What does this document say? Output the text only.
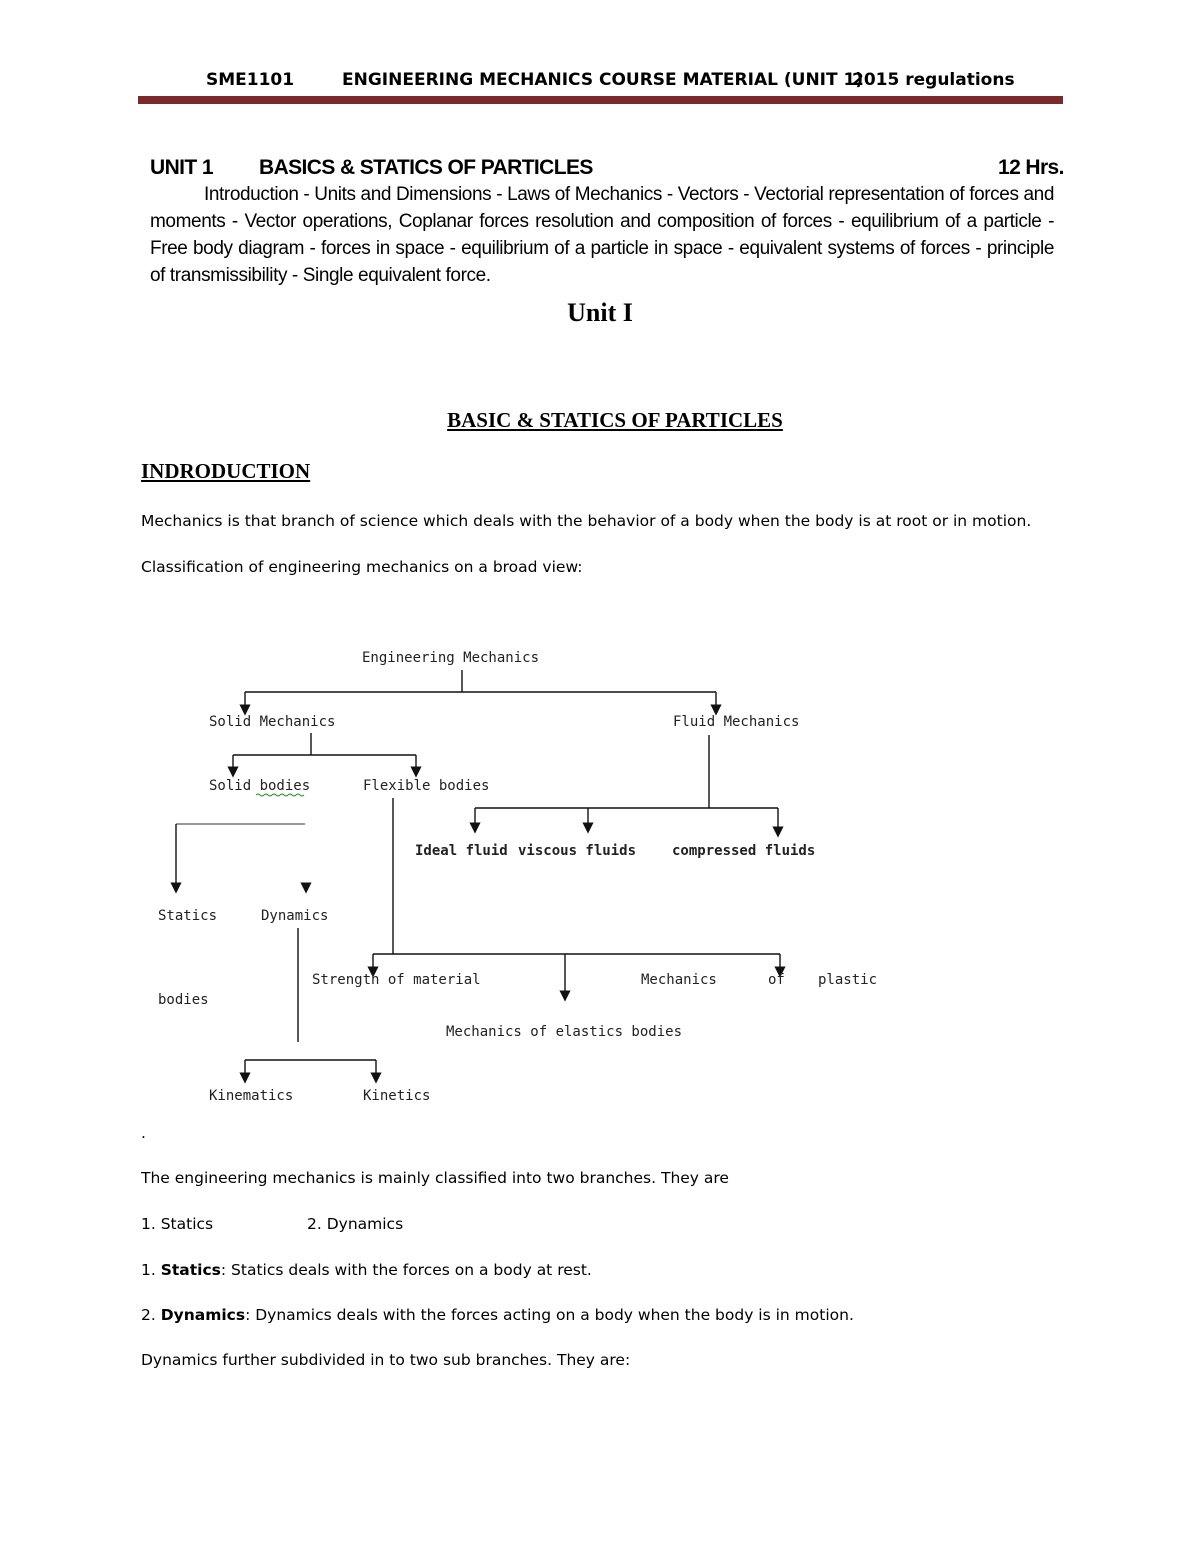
SME1101	ENGINEERING MECHANICS COURSE MATERIAL (UNIT 1)
2015 regulations
UNIT 1 BASICS & STATICS OF PARTICLES	12 Hrs.
Introduction - Units and Dimensions - Laws of Mechanics - Vectors - Vectorial representation of forces and moments - Vector operations, Coplanar forces resolution and composition of forces - equilibrium of a particle - Free body diagram - forces in space - equilibrium of a particle in space - equivalent systems of forces - principle of transmissibility - Single equivalent force.
Unit I
BASIC & STATICS OF PARTICLES
INDRODUCTION
Mechanics is that branch of science which deals with the behavior of a body when the body is at root or in motion.
Classification of engineering mechanics on a broad view:
Engineering Mechanics
Solid Mechanics	Fluid Mechanics
Solid bodies	Flexible bodies
Ideal fluid viscous fluids	compressed fluids
Statics	Dynamics
Strength of material	Mechanics	of plastic
bodies
Mechanics of elastics bodies
Kinematics	Kinetics
.
The engineering mechanics is mainly classified into two branches. They are
1. Statics	2. Dynamics
1. Statics: Statics deals with the forces on a body at rest.
2. Dynamics: Dynamics deals with the forces acting on a body when the body is in motion.
Dynamics further subdivided in to two sub branches. They are:
